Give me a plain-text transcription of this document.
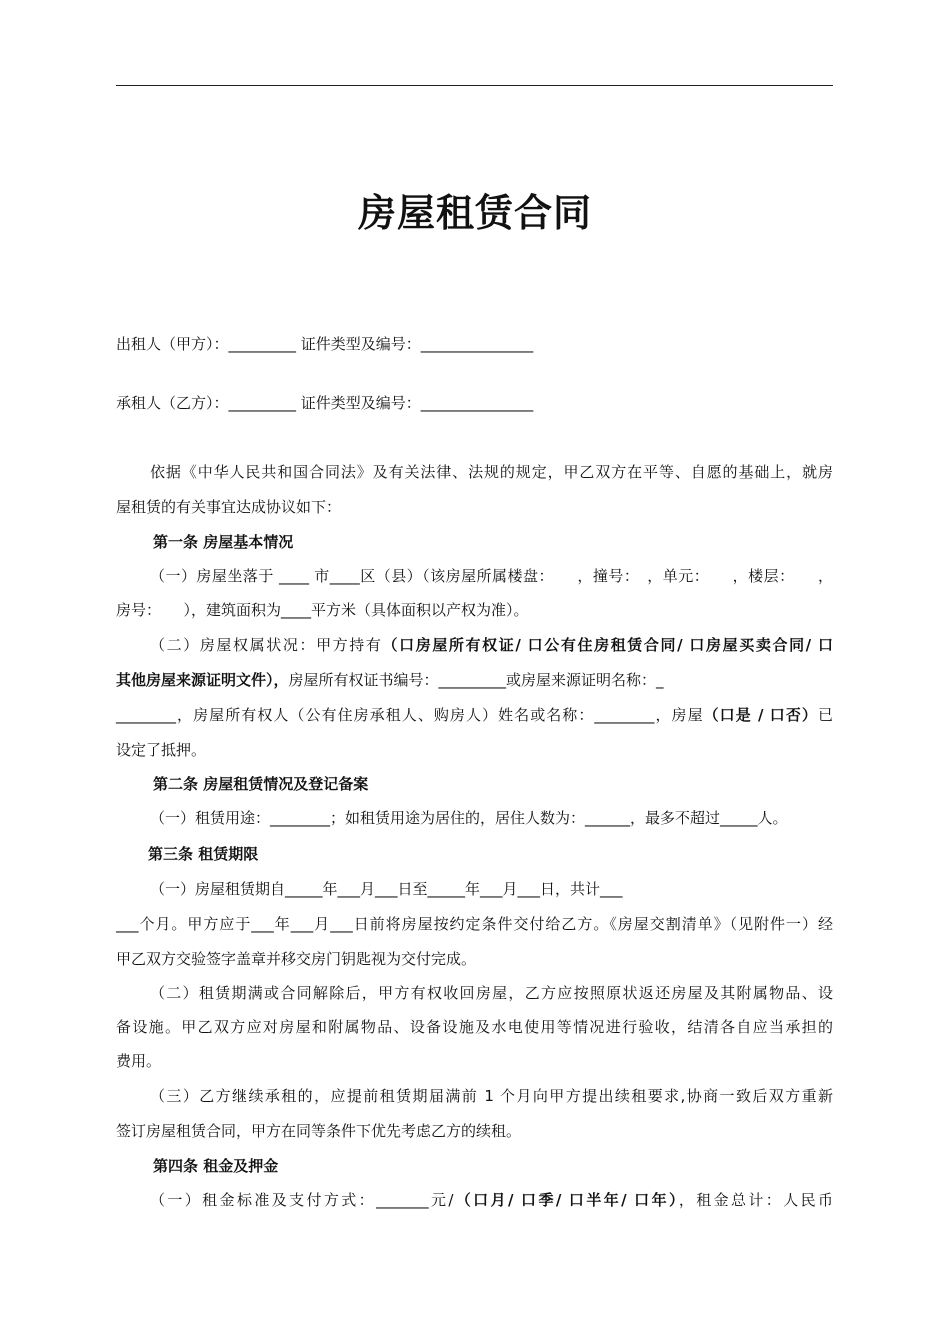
房屋租赁合同
出租人（甲方）：_________ 证件类型及编号：_______________
承租人（乙方）：_________ 证件类型及编号：_______________
依据《中华人民共和国合同法》及有关法律、法规的规定，甲乙双方在平等、自愿的基础上，就房
屋租赁的有关事宜达成协议如下：
第一条 房屋基本情况
（一）房屋坐落于 ____ 市____区（县）（该房屋所属楼盘：　　，撞号：　，单元：　　，楼层：　　，
房号：　　），建筑面积为____平方米（具体面积以产权为准）。
（二）房屋权属状况：甲方持有（口房屋所有权证/ 口公有住房租赁合同/ 口房屋买卖合同/ 口
其他房屋来源证明文件），房屋所有权证书编号：_________或房屋来源证明名称：_
________，房屋所有权人（公有住房承租人、购房人）姓名或名称：________，房屋（口是 / 口否）已
设定了抵押。
第二条 房屋租赁情况及登记备案
（一）租赁用途：________；如租赁用途为居住的，居住人数为：______，最多不超过_____人。
第三条 租赁期限
（一）房屋租赁期自_____年___月___日至_____年___月___日，共计___
___个月。甲方应于___年___月___日前将房屋按约定条件交付给乙方。《房屋交割清单》（见附件一）经
甲乙双方交验签字盖章并移交房门钥匙视为交付完成。
（二）租赁期满或合同解除后，甲方有权收回房屋，乙方应按照原状返还房屋及其附属物品、设
备设施。甲乙双方应对房屋和附属物品、设备设施及水电使用等情况进行验收，结清各自应当承担的
费用。
（三）乙方继续承租的，应提前租赁期届满前 1 个月向甲方提出续租要求,协商一致后双方重新
签订房屋租赁合同，甲方在同等条件下优先考虑乙方的续租。
第四条 租金及押金
（一）租金标准及支付方式：_______元/（口月/ 口季/ 口半年/ 口年），租金总计：人民币
